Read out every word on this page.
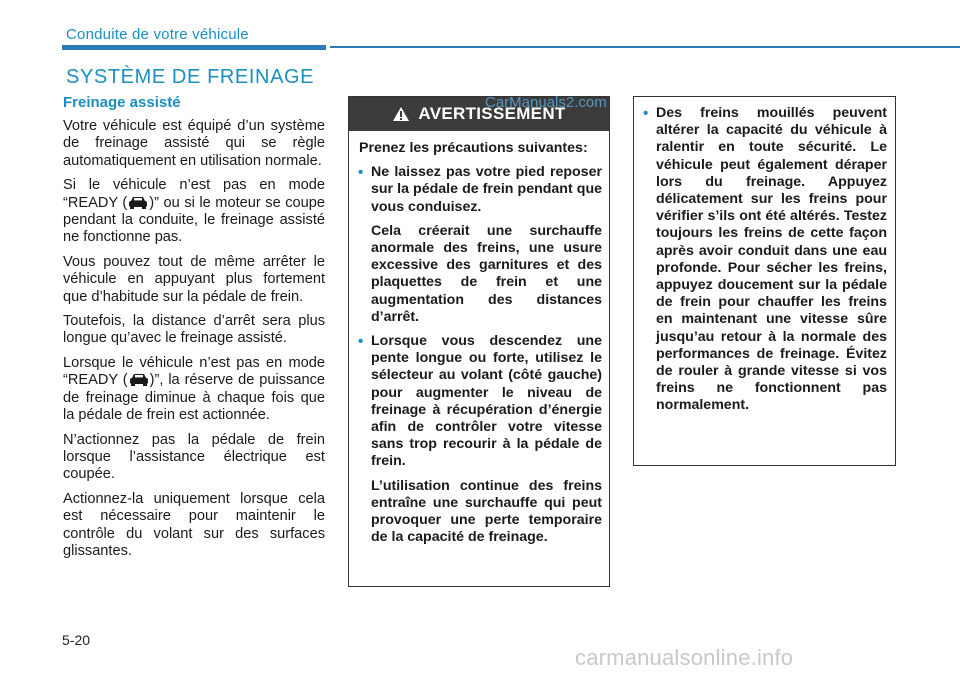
Conduite de votre véhicule
SYSTÈME DE FREINAGE
Freinage assisté

Votre véhicule est équipé d’un système de freinage assisté qui se règle automatiquement en utilisation normale.

Si le véhicule n’est pas en mode “READY ( )” ou si le moteur se coupe pendant la conduite, le freinage assisté ne fonctionne pas.

Vous pouvez tout de même arrêter le véhicule en appuyant plus fortement que d’habitude sur la pédale de frein.

Toutefois, la distance d’arrêt sera plus longue qu’avec le freinage assisté.

Lorsque le véhicule n’est pas en mode “READY ( )”, la réserve de puissance de freinage diminue à chaque fois que la pédale de frein est actionnée.

N’actionnez pas la pédale de frein lorsque l’assistance électrique est coupée.

Actionnez-la uniquement lorsque cela est nécessaire pour maintenir le contrôle du volant sur des surfaces glissantes.

AVERTISSEMENT

Prenez les précautions suivantes:

• Ne laissez pas votre pied reposer sur la pédale de frein pendant que vous conduisez.

Cela créerait une surchauffe anormale des freins, une usure excessive des garnitures et des plaquettes de frein et une augmentation des distances d’arrêt.

• Lorsque vous descendez une pente longue ou forte, utilisez le sélecteur au volant (côté gauche) pour augmenter le niveau de freinage à récupération d’énergie afin de contrôler votre vitesse sans trop recourir à la pédale de frein.

L’utilisation continue des freins entraîne une surchauffe qui peut provoquer une perte temporaire de la capacité de freinage.

• Des freins mouillés peuvent altérer la capacité du véhicule à ralentir en toute sécurité. Le véhicule peut également déraper lors du freinage. Appuyez délicatement sur les freins pour vérifier s’ils ont été altérés. Testez toujours les freins de cette façon après avoir conduit dans une eau profonde. Pour sécher les freins, appuyez doucement sur la pédale de frein pour chauffer les freins en maintenant une vitesse sûre jusqu’au retour à la normale des performances de freinage. Évitez de rouler à grande vitesse si vos freins ne fonctionnent pas normalement.

CarManuals2.com
5-20
carmanualsonline.info
